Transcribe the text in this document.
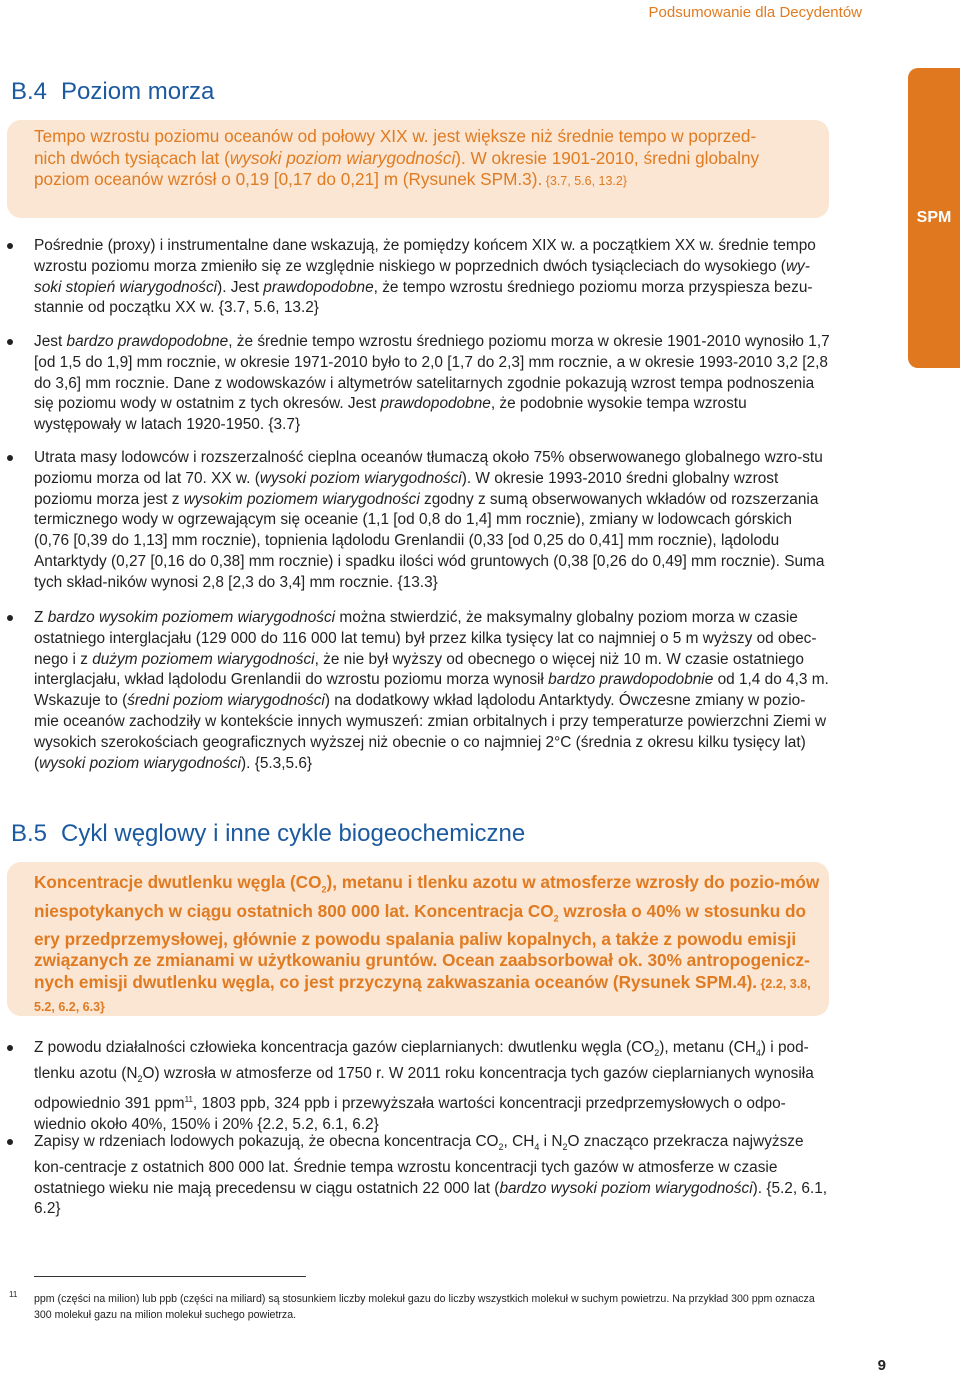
Podsumowanie dla Decydentów
SPM
B.4 Poziom morza

Tempo wzrostu poziomu oceanów od połowy XIX w. jest większe niż średnie tempo w poprzed-
nich dwóch tysiącach lat (wysoki poziom wiarygodności). W okresie 1901-2010, średni globalny
poziom oceanów wzrósł o 0,19 [0,17 do 0,21] m (Rysunek SPM.3). {3.7, 5.6, 13.2}

Pośrednie (proxy) i instrumentalne dane wskazują, że pomiędzy końcem XIX w. a początkiem XX w. średnie tempo wzrostu poziomu morza zmieniło się ze względnie niskiego w poprzednich dwóch tysiącleciach do wysokiego (wy-soki stopień wiarygodności). Jest prawdopodobne, że tempo wzrostu średniego poziomu morza przyspiesza bezu-stannie od początku XX w. {3.7, 5.6, 13.2}
Jest bardzo prawdopodobne, że średnie tempo wzrostu średniego poziomu morza w okresie 1901-2010 wynosiło 1,7 [od 1,5 do 1,9] mm rocznie, w okresie 1971-2010 było to 2,0 [1,7 do 2,3] mm rocznie, a w okresie 1993-2010 3,2 [2,8 do 3,6] mm rocznie. Dane z wodowskazów i altymetrów satelitarnych zgodnie pokazują wzrost tempa podnoszenia się poziomu wody w ostatnim z tych okresów. Jest prawdopodobne, że podobnie wysokie tempa wzrostu występowały w latach 1920-1950. {3.7}
Utrata masy lodowców i rozszerzalność cieplna oceanów tłumaczą około 75% obserwowanego globalnego wzro-stu poziomu morza od lat 70. XX w. (wysoki poziom wiarygodności). W okresie 1993-2010 średni globalny wzrost poziomu morza jest z wysokim poziomem wiarygodności zgodny z sumą obserwowanych wkładów od rozszerzania termicznego wody w ogrzewającym się oceanie (1,1 [od 0,8 do 1,4] mm rocznie), zmiany w lodowcach górskich (0,76 [0,39 do 1,13] mm rocznie), topnienia lądolodu Grenlandii (0,33 [od 0,25 do 0,41] mm rocznie), lądolodu Antarktydy (0,27 [0,16 do 0,38] mm rocznie) i spadku ilości wód gruntowych (0,38 [0,26 do 0,49] mm rocznie). Suma tych skład-ników wynosi 2,8 [2,3 do 3,4] mm rocznie. {13.3}
Z bardzo wysokim poziomem wiarygodności można stwierdzić, że maksymalny globalny poziom morza w czasie ostatniego interglacjału (129 000 do 116 000 lat temu) był przez kilka tysięcy lat co najmniej o 5 m wyższy od obec-nego i z dużym poziomem wiarygodności, że nie był wyższy od obecnego o więcej niż 10 m. W czasie ostatniego interglacjału, wkład lądolodu Grenlandii do wzrostu poziomu morza wynosił bardzo prawdopodobnie od 1,4 do 4,3 m. Wskazuje to (średni poziom wiarygodności) na dodatkowy wkład lądolodu Antarktydy. Ówczesne zmiany w pozio-mie oceanów zachodziły w kontekście innych wymuszeń: zmian orbitalnych i przy temperaturze powierzchni Ziemi w wysokich szerokościach geograficznych wyższej niż obecnie o co najmniej 2°C (średnia z okresu kilku tysięcy lat) (wysoki poziom wiarygodności). {5.3,5.6}
B.5 Cykl węglowy i inne cykle biogeochemiczne

Koncentracje dwutlenku węgla $(CO_2)$, metanu i tlenku azotu w atmosferze wzrosły do pozio-mów niespotykanych w ciągu ostatnich 800 000 lat. Koncentracja $CO_2$ wzrosła o 40% w stosunku do ery przedprzemysłowej, głównie z powodu spalania paliw kopalnych, a także z powodu emisji związanych ze zmianami w użytkowaniu gruntów. Ocean zaabsorbował ok. 30% antropogenicz-nych emisji dwutlenku węgla, co jest przyczyną zakwaszania oceanów (Rysunek SPM.4). {2.2, 3.8, 5.2, 6.2, 6.3}

Z powodu działalności człowieka koncentracja gazów cieplarnianych: dwutlenku węgla $(CO_2)$, metanu $(CH_4)$ i pod-tlenku azotu $(N_2O)$ wzrosła w atmosferze od 1750 r. W 2011 roku koncentracja tych gazów cieplarnianych wynosiła odpowiednio 391 ppm$^{11}$, 1803 ppb, 324 ppb i przewyższała wartości koncentracji przedprzemysłowych o odpo-wiednio około 40%, 150% i 20% {2.2, 5.2, 6.1, 6.2}
Zapisy w rdzeniach lodowych pokazują, że obecna koncentracja $CO_2$, $CH_4$ i $N_2O$ znacząco przekracza najwyższe kon-centracje z ostatnich 800 000 lat. Średnie tempa wzrostu koncentracji tych gazów w atmosferze w czasie ostatniego wieku nie mają precedensu w ciągu ostatnich 22 000 lat (bardzo wysoki poziom wiarygodności). {5.2, 6.1, 6.2}
11 ppm (części na milion) lub ppb (części na miliard) są stosunkiem liczby molekuł gazu do liczby wszystkich molekuł w suchym powietrzu. Na przykład 300 ppm oznacza 300 molekuł gazu na milion molekuł suchego powietrza.
9
